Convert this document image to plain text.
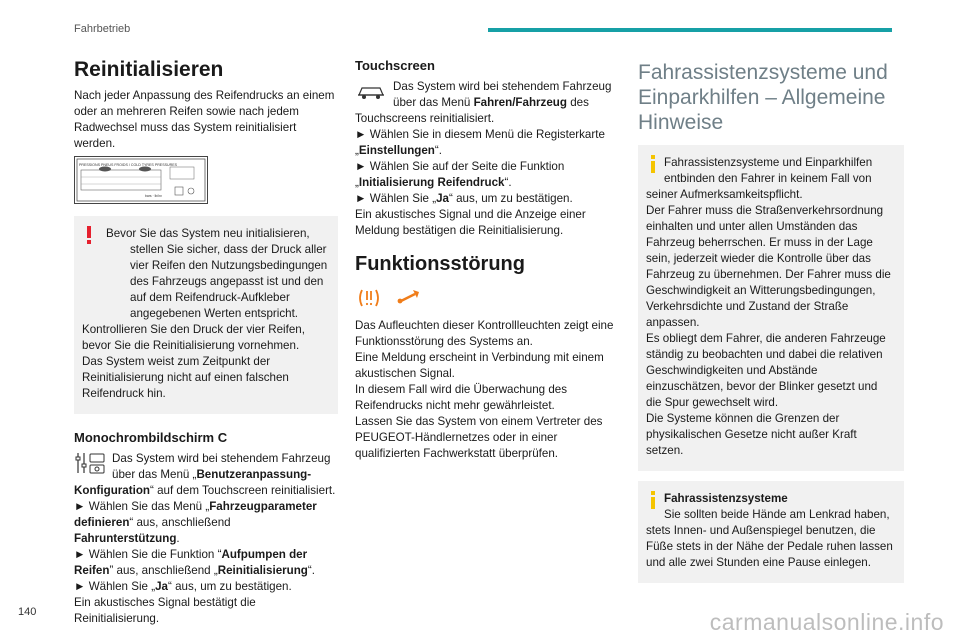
Fahrbetrieb
Reinitialisieren

Nach jeder Anpassung des Reifendrucks an einem oder an mehreren Reifen sowie nach jedem Radwechsel muss das System reinitialisiert werden.

PRESSIONS PNEUS FROIDS / COLD TYRES PRESSURES
bars · lb/in²

Bevor Sie das System neu initialisieren, stellen Sie sicher, dass der Druck aller vier Reifen den Nutzungsbedingungen des Fahrzeugs angepasst ist und den auf dem Reifendruck-Aufkleber angegebenen Werten entspricht.

Kontrollieren Sie den Druck der vier Reifen, bevor Sie die Reinitialisierung vornehmen.

Das System weist zum Zeitpunkt der Reinitialisierung nicht auf einen falschen Reifendruck hin.

Monochrombildschirm C

Das System wird bei stehendem Fahrzeug über das Menü „Benutzeranpassung-Konfiguration“ auf dem Touchscreen reinitialisiert.

► Wählen Sie das Menü „Fahrzeugparameter definieren“ aus, anschließend Fahrunterstützung.

► Wählen Sie die Funktion “Aufpumpen der Reifen” aus, anschließend „Reinitialisierung“.

► Wählen Sie „Ja“ aus, um zu bestätigen.

Ein akustisches Signal bestätigt die Reinitialisierung.

Touchscreen

Das System wird bei stehendem Fahrzeug über das Menü Fahren/Fahrzeug des Touchscreens reinitialisiert.

► Wählen Sie in diesem Menü die Registerkarte „Einstellungen“.

► Wählen Sie auf der Seite die Funktion „Initialisierung Reifendruck“.

► Wählen Sie „Ja“ aus, um zu bestätigen.

Ein akustisches Signal und die Anzeige einer Meldung bestätigen die Reinitialisierung.

Funktionsstörung

Das Aufleuchten dieser Kontrollleuchten zeigt eine Funktionsstörung des Systems an.

Eine Meldung erscheint in Verbindung mit einem akustischen Signal.

In diesem Fall wird die Überwachung des Reifendrucks nicht mehr gewährleistet.

Lassen Sie das System von einem Vertreter des PEUGEOT-Händlernetzes oder in einer qualifizierten Fachwerkstatt überprüfen.

Fahrassistenzsysteme und Einparkhilfen – Allgemeine Hinweise

Fahrassistenzsysteme und Einparkhilfen entbinden den Fahrer in keinem Fall von seiner Aufmerksamkeitspflicht.

Der Fahrer muss die Straßenverkehrsordnung einhalten und unter allen Umständen das Fahrzeug beherrschen. Er muss in der Lage sein, jederzeit wieder die Kontrolle über das Fahrzeug zu übernehmen. Der Fahrer muss die Geschwindigkeit an Witterungsbedingungen, Verkehrsdichte und Zustand der Straße anpassen.

Es obliegt dem Fahrer, die anderen Fahrzeuge ständig zu beobachten und dabei die relativen Geschwindigkeiten und Abstände einzuschätzen, bevor der Blinker gesetzt und die Spur gewechselt wird.

Die Systeme können die Grenzen der physikalischen Gesetze nicht außer Kraft setzen.

Fahrassistenzsysteme

Sie sollten beide Hände am Lenkrad haben, stets Innen- und Außenspiegel benutzen, die Füße stets in der Nähe der Pedale ruhen lassen und alle zwei Stunden eine Pause einlegen.

140	carmanualsonline.info
